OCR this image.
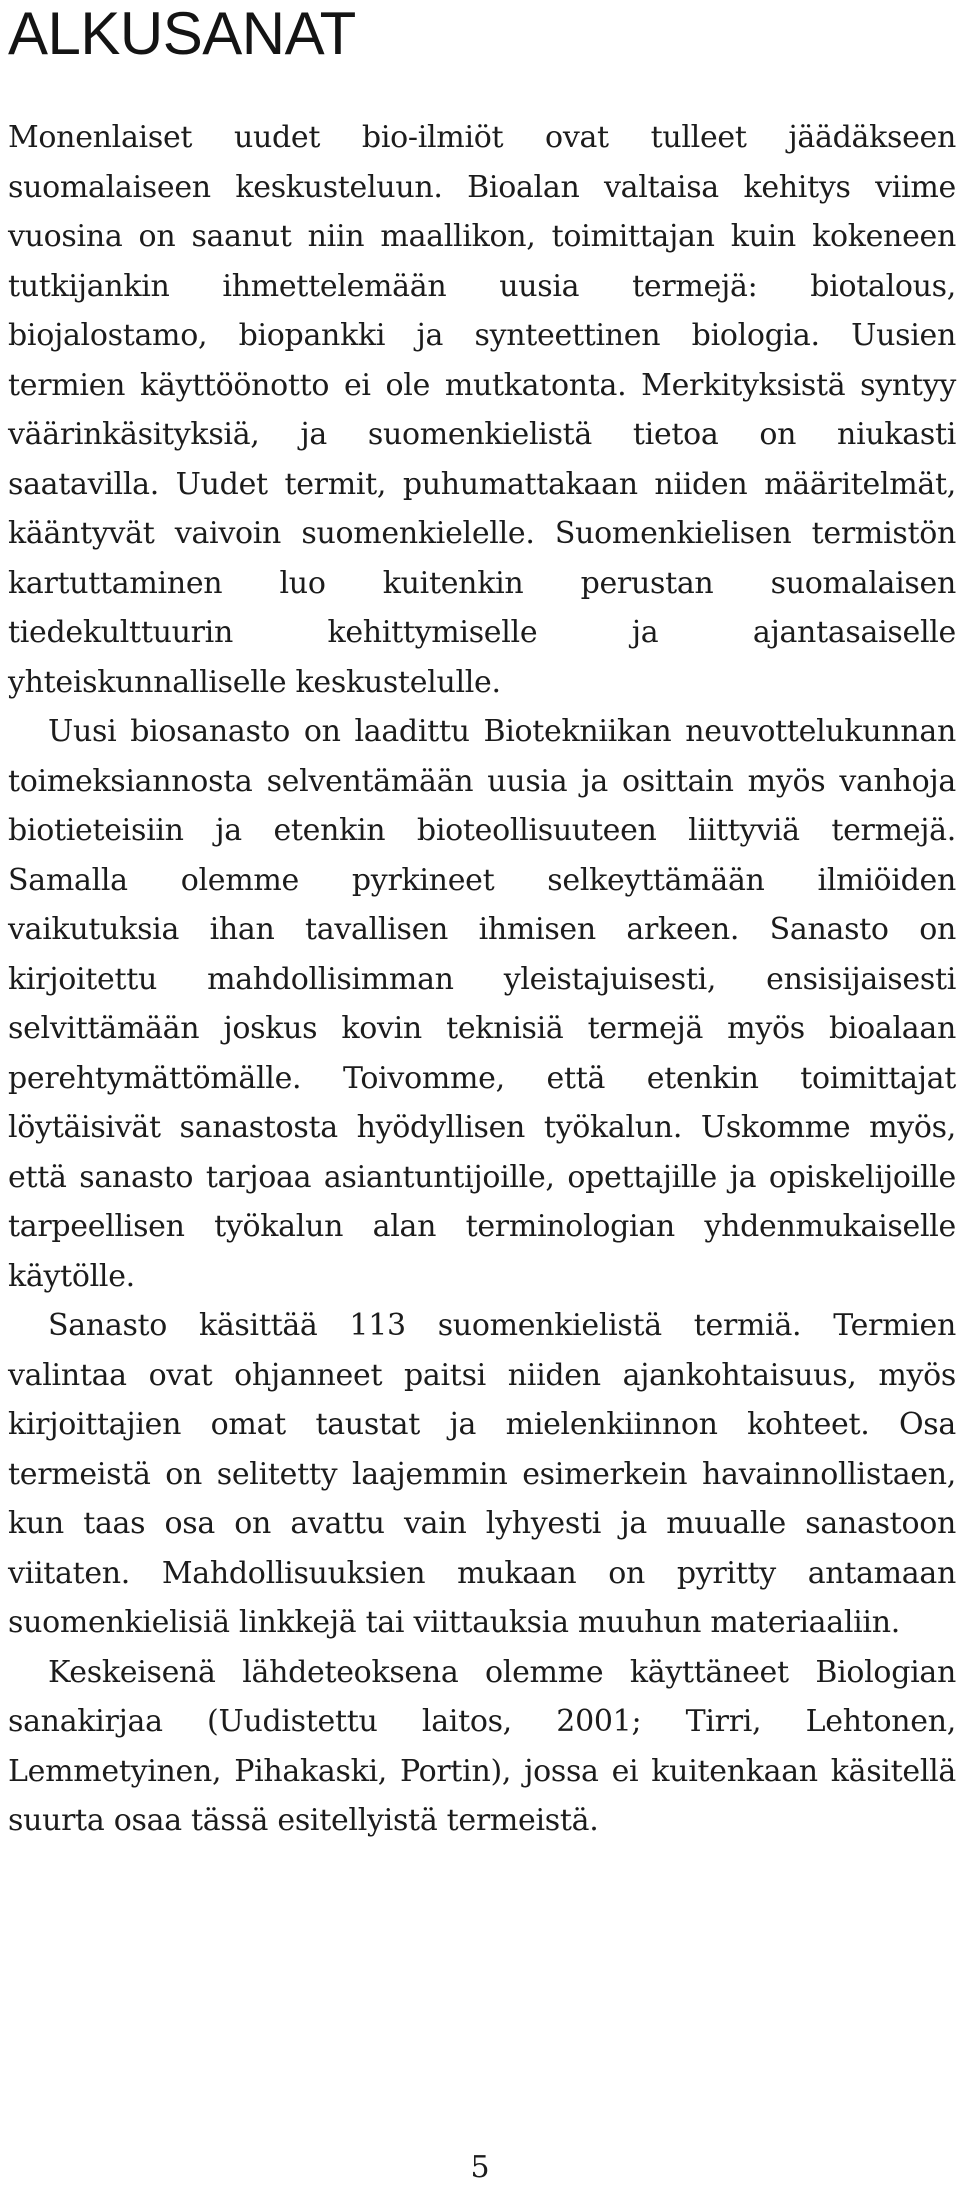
ALKUSANAT

Monenlaiset uudet bio-ilmiöt ovat tulleet jäädäkseen suomalaiseen keskusteluun. Bioalan valtaisa kehitys viime vuosina on saanut niin maallikon, toimittajan kuin kokeneen tutkijankin ihmettelemään uusia termejä: biotalous, biojalostamo, biopankki ja synteettinen biologia. Uusien termien käyttöönotto ei ole mutkatonta. Merkityksistä syntyy väärinkäsityksiä, ja suomenkielistä tietoa on niukasti saatavilla. Uudet termit, puhumattakaan niiden määritelmät, kääntyvät vaivoin suomenkielelle. Suomenkielisen termistön kartuttaminen luo kuitenkin perustan suomalaisen tiedekulttuurin kehittymiselle ja ajantasaiselle yhteiskunnalliselle keskustelulle.

Uusi biosanasto on laadittu Biotekniikan neuvottelukunnan toimeksiannosta selventämään uusia ja osittain myös vanhoja biotieteisiin ja etenkin bioteollisuuteen liittyviä termejä. Samalla olemme pyrkineet selkeyttämään ilmiöiden vaikutuksia ihan tavallisen ihmisen arkeen. Sanasto on kirjoitettu mahdollisimman yleistajuisesti, ensisijaisesti selvittämään joskus kovin teknisiä termejä myös bioalaan perehtymättömälle. Toivomme, että etenkin toimittajat löytäisivät sanastosta hyödyllisen työkalun. Uskomme myös, että sanasto tarjoaa asiantuntijoille, opettajille ja opiskelijoille tarpeellisen työkalun alan terminologian yhdenmukaiselle käytölle.

Sanasto käsittää 113 suomenkielistä termiä. Termien valintaa ovat ohjanneet paitsi niiden ajankohtaisuus, myös kirjoittajien omat taustat ja mielenkiinnon kohteet. Osa termeistä on selitetty laajemmin esimerkein havainnollistaen, kun taas osa on avattu vain lyhyesti ja muualle sanastoon viitaten. Mahdollisuuksien mukaan on pyritty antamaan suomenkielisiä linkkejä tai viittauksia muuhun materiaaliin.

Keskeisenä lähdeteoksena olemme käyttäneet Biologian sanakirjaa (Uudistettu laitos, 2001; Tirri, Lehtonen, Lemmetyinen, Pihakaski, Portin), jossa ei kuitenkaan käsitellä suurta osaa tässä esitellyistä termeistä.

5
